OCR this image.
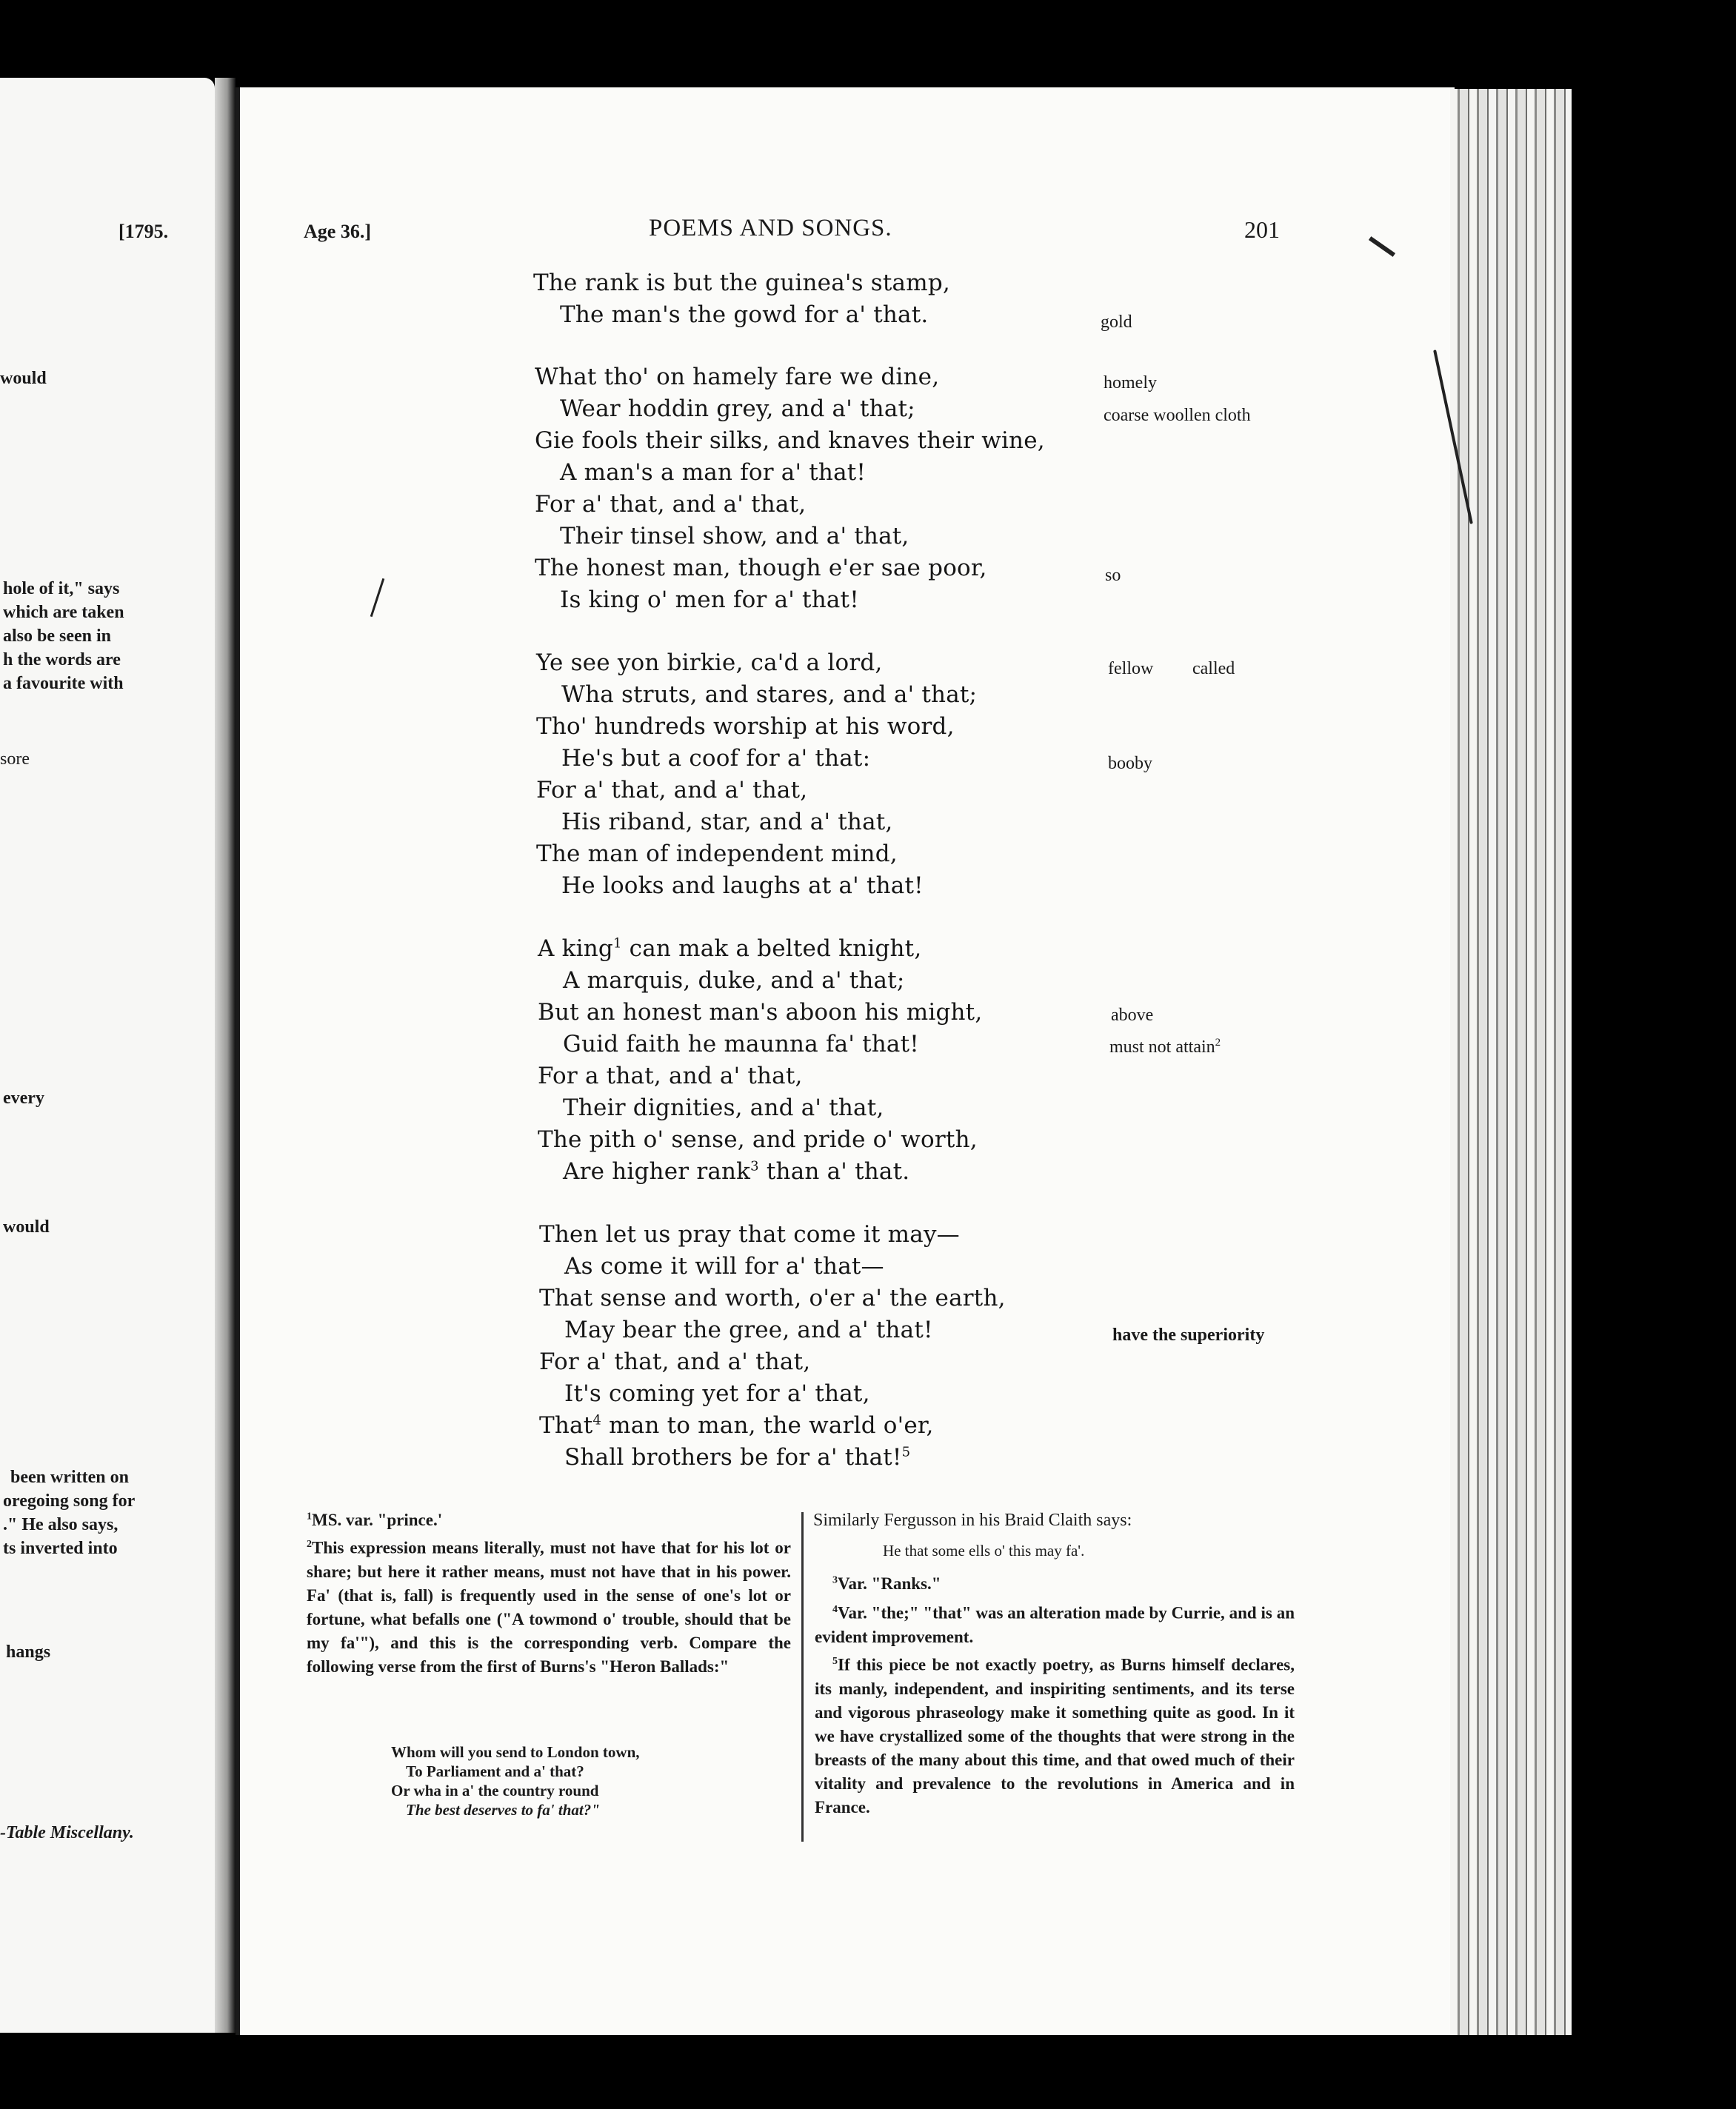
[1795.
would
hole of it," says
which are taken
also be seen in
h the words are
a favourite with
sore
every
would
been written on
oregoing song for
." He also says,
ts inverted into
hangs
-Table Miscellany.
Age 36.]	POEMS AND SONGS.	201
The rank is but the guinea's stamp,
The man's the gowd for a' that.
What tho' on hamely fare we dine,
Wear hoddin grey, and a' that;
Gie fools their silks, and knaves their wine,
A man's a man for a' that!
For a' that, and a' that,
Their tinsel show, and a' that,
The honest man, though e'er sae poor,
Is king o' men for a' that!
Ye see yon birkie, ca'd a lord,
Wha struts, and stares, and a' that;
Tho' hundreds worship at his word,
He's but a coof for a' that:
For a' that, and a' that,
His riband, star, and a' that,
The man of independent mind,
He looks and laughs at a' that!
A king$^1$ can mak a belted knight,
A marquis, duke, and a' that;
But an honest man's aboon his might,
Guid faith he maunna fa' that!
For a that, and a' that,
Their dignities, and a' that,
The pith o' sense, and pride o' worth,
Are higher rank$^3$ than a' that.
Then let us pray that come it may—
As come it will for a' that—
That sense and worth, o'er a' the earth,
May bear the gree, and a' that!
For a' that, and a' that,
It's coming yet for a' that,
That$^4$ man to man, the warld o'er,
Shall brothers be for a' that!$^5$
gold
homely
coarse woollen cloth
so
fellow called
booby
above
must not attain$^2$
have the superiority
$^1$MS. var. "prince.'
$^2$This expression means literally, must not have that for his lot or share; but here it rather means, must not have that in his power. Fa' (that is, fall) is frequently used in the sense of one's lot or fortune, what befalls one ("A towmond o' trouble, should that be my fa'"), and this is the corresponding verb. Compare the following verse from the first of Burns's "Heron Ballads:"
Whom will you send to London town,
To Parliament and a' that?
Or wha in a' the country round
The best deserves to fa' that?"
Similarly Fergusson in his Braid Claith says:
He that some ells o' this may fa'.
$^3$Var. "Ranks."
$^4$Var. "the;" "that" was an alteration made by Currie, and is an evident improvement.
$^5$If this piece be not exactly poetry, as Burns himself declares, its manly, independent, and inspiriting sentiments, and its terse and vigorous phraseology make it something quite as good. In it we have crystallized some of the thoughts that were strong in the breasts of the many about this time, and that owed much of their vitality and prevalence to the revolutions in America and in France.
